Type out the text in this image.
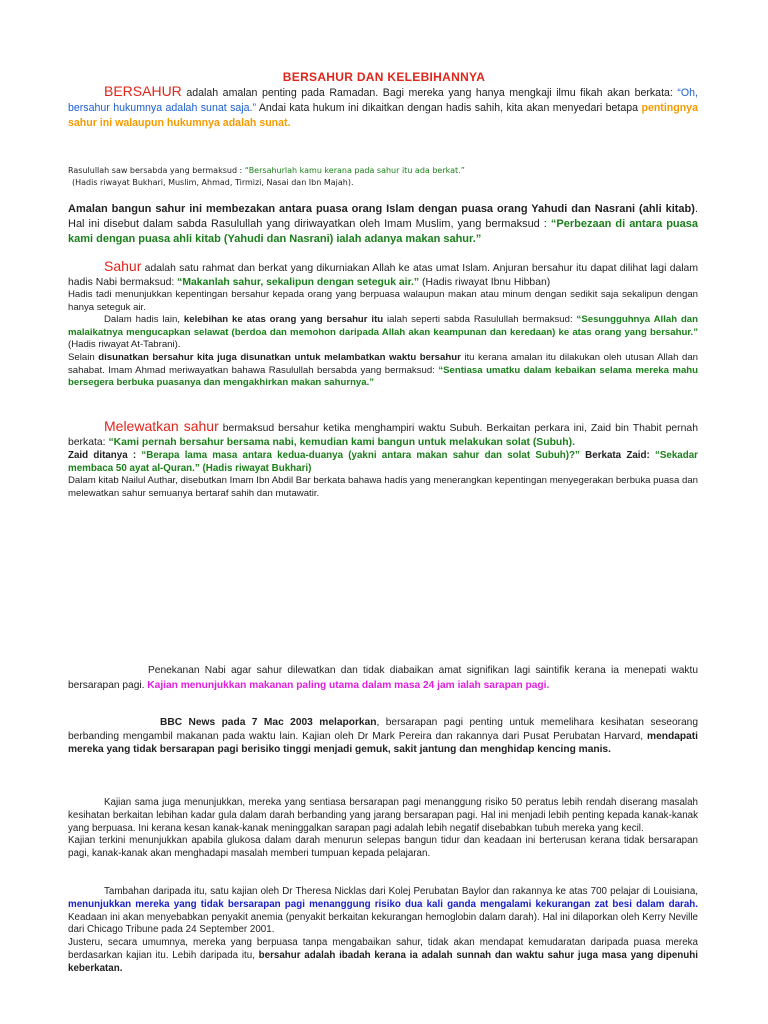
BERSAHUR DAN KELEBIHANNYA
BERSAHUR adalah amalan penting pada Ramadan. Bagi mereka yang hanya mengkaji ilmu fikah akan berkata: “Oh, bersahur hukumnya adalah sunat saja.” Andai kata hukum ini dikaitkan dengan hadis sahih, kita akan menyedari betapa pentingnya sahur ini walaupun hukumnya adalah sunat.
Rasulullah saw bersabda yang bermaksud : “Bersahurlah kamu kerana pada sahur itu ada berkat.”
(Hadis riwayat Bukhari, Muslim, Ahmad, Tirmizi, Nasai dan Ibn Majah).
Amalan bangun sahur ini membezakan antara puasa orang Islam dengan puasa orang Yahudi dan Nasrani (ahli kitab). Hal ini disebut dalam sabda Rasulullah yang diriwayatkan oleh Imam Muslim, yang bermaksud : “Perbezaan di antara puasa kami dengan puasa ahli kitab (Yahudi dan Nasrani) ialah adanya makan sahur.”
Sahur adalah satu rahmat dan berkat yang dikurniakan Allah ke atas umat Islam. Anjuran bersahur itu dapat dilihat lagi dalam hadis Nabi bermaksud: “Makanlah sahur, sekalipun dengan seteguk air.” (Hadis riwayat Ibnu Hibban)
Hadis tadi menunjukkan kepentingan bersahur kepada orang yang berpuasa walaupun makan atau minum dengan sedikit saja sekalipun dengan hanya seteguk air.
Dalam hadis lain, kelebihan ke atas orang yang bersahur itu ialah seperti sabda Rasulullah bermaksud: “Sesungguhnya Allah dan malaikatnya mengucapkan selawat (berdoa dan memohon daripada Allah akan keampunan dan keredaan) ke atas orang yang bersahur.” (Hadis riwayat At-Tabrani).
Selain disunatkan bersahur kita juga disunatkan untuk melambatkan waktu bersahur itu kerana amalan itu dilakukan oleh utusan Allah dan sahabat. Imam Ahmad meriwayatkan bahawa Rasulullah bersabda yang bermaksud: “Sentiasa umatku dalam kebaikan selama mereka mahu bersegera berbuka puasanya dan mengakhirkan makan sahurnya.”
Melewatkan sahur bermaksud bersahur ketika menghampiri waktu Subuh. Berkaitan perkara ini, Zaid bin Thabit pernah berkata: “Kami pernah bersahur bersama nabi, kemudian kami bangun untuk melakukan solat (Subuh).
Zaid ditanya : “Berapa lama masa antara kedua-duanya (yakni antara makan sahur dan solat Subuh)?” Berkata Zaid: “Sekadar membaca 50 ayat al-Quran.” (Hadis riwayat Bukhari)
Dalam kitab Nailul Authar, disebutkan Imam Ibn Abdil Bar berkata bahawa hadis yang menerangkan kepentingan menyegerakan berbuka puasa dan melewatkan sahur semuanya bertaraf sahih dan mutawatir.
Penekanan Nabi agar sahur dilewatkan dan tidak diabaikan amat signifikan lagi saintifik kerana ia menepati waktu bersarapan pagi. Kajian menunjukkan makanan paling utama dalam masa 24 jam ialah sarapan pagi.
BBC News pada 7 Mac 2003 melaporkan, bersarapan pagi penting untuk memelihara kesihatan seseorang berbanding mengambil makanan pada waktu lain. Kajian oleh Dr Mark Pereira dan rakannya dari Pusat Perubatan Harvard, mendapati mereka yang tidak bersarapan pagi berisiko tinggi menjadi gemuk, sakit jantung dan menghidap kencing manis.
Kajian sama juga menunjukkan, mereka yang sentiasa bersarapan pagi menanggung risiko 50 peratus lebih rendah diserang masalah kesihatan berkaitan lebihan kadar gula dalam darah berbanding yang jarang bersarapan pagi. Hal ini menjadi lebih penting kepada kanak-kanak yang berpuasa. Ini kerana kesan kanak-kanak meninggalkan sarapan pagi adalah lebih negatif disebabkan tubuh mereka yang kecil.
Kajian terkini menunjukkan apabila glukosa dalam darah menurun selepas bangun tidur dan keadaan ini berterusan kerana tidak bersarapan pagi, kanak-kanak akan menghadapi masalah memberi tumpuan kepada pelajaran.
Tambahan daripada itu, satu kajian oleh Dr Theresa Nicklas dari Kolej Perubatan Baylor dan rakannya ke atas 700 pelajar di Louisiana, menunjukkan mereka yang tidak bersarapan pagi menanggung risiko dua kali ganda mengalami kekurangan zat besi dalam darah. Keadaan ini akan menyebabkan penyakit anemia (penyakit berkaitan kekurangan hemoglobin dalam darah). Hal ini dilaporkan oleh Kerry Neville dari Chicago Tribune pada 24 September 2001.
Justeru, secara umumnya, mereka yang berpuasa tanpa mengabaikan sahur, tidak akan mendapat kemudaratan daripada puasa mereka berdasarkan kajian itu. Lebih daripada itu, bersahur adalah ibadah kerana ia adalah sunnah dan waktu sahur juga masa yang dipenuhi keberkatan.
